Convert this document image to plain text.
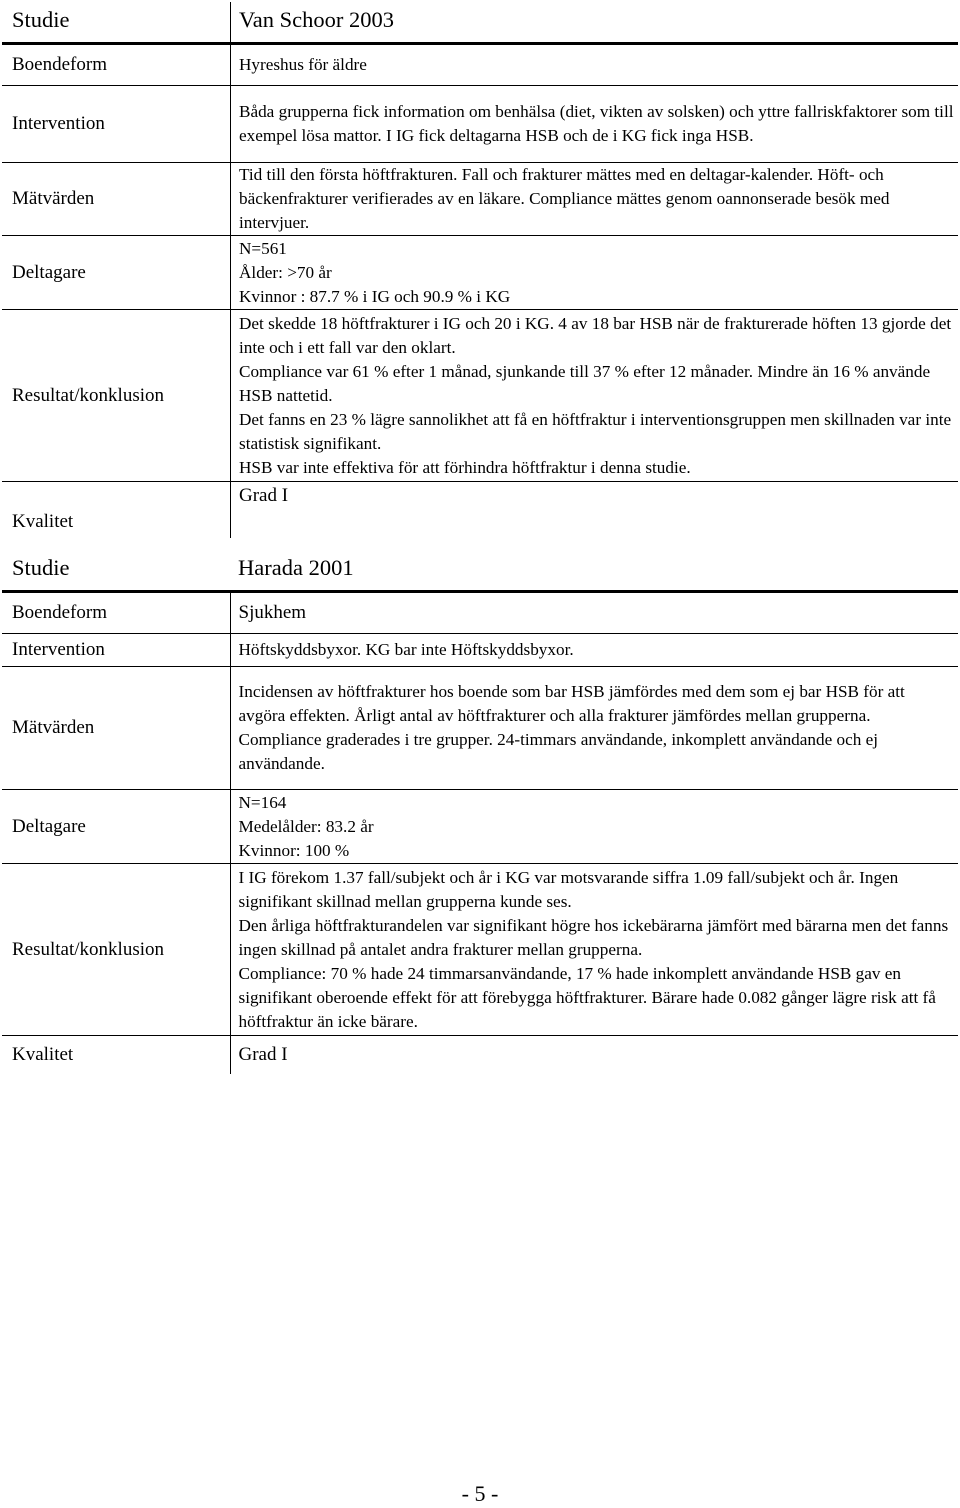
Studie	Van Schoor 2003
Boendeform	Hyreshus för äldre

Intervention	Båda grupperna fick information om benhälsa (diet, vikten av solsken) och yttre fallriskfaktorer som till exempel lösa mattor. I IG fick deltagarna HSB och de i KG fick inga HSB.

Mätvärden	Tid till den första höftfrakturen. Fall och frakturer mättes med en deltagar-kalender. Höft- och bäckenfrakturer verifierades av en läkare. Compliance mättes genom oannonserade besök med intervjuer.

Deltagare	N=561

Ålder: >70 år

Kvinnor : 87.7 % i IG och 90.9 % i KG

Resultat/konklusion	Det skedde 18 höftfrakturer i IG och 20 i KG. 4 av 18 bar HSB när de frakturerade höften 13 gjorde det inte och i ett fall var den oklart.

Compliance var 61 % efter 1 månad, sjunkande till 37 % efter 12 månader. Mindre än 16 % använde HSB nattetid.

Det fanns en 23 % lägre sannolikhet att få en höftfraktur i interventionsgruppen men skillnaden var inte statistisk signifikant.

HSB var inte effektiva för att förhindra höftfraktur i denna studie.

Kvalitet	Grad I

Studie	Harada 2001
Boendeform	Sjukhem

Intervention	Höftskyddsbyxor. KG bar inte Höftskyddsbyxor.

Mätvärden	Incidensen av höftfrakturer hos boende som bar HSB jämfördes med dem som ej bar HSB för att avgöra effekten. Årligt antal av höftfrakturer och alla frakturer jämfördes mellan grupperna.

Compliance graderades i tre grupper. 24-timmars användande, inkomplett användande och ej användande.

Deltagare	N=164

Medelålder: 83.2 år

Kvinnor: 100 %

Resultat/konklusion	I IG förekom 1.37 fall/subjekt och år i KG var motsvarande siffra 1.09 fall/subjekt och år. Ingen signifikant skillnad mellan grupperna kunde ses.

Den årliga höftfrakturandelen var signifikant högre hos ickebärarna jämfört med bärarna men det fanns ingen skillnad på antalet andra frakturer mellan grupperna.

Compliance: 70 % hade 24 timmarsanvändande, 17 % hade inkomplett användande HSB gav en signifikant oberoende effekt för att förebygga höftfrakturer. Bärare hade 0.082 gånger lägre risk att få höftfraktur än icke bärare.

Kvalitet	Grad I

- 5 -
